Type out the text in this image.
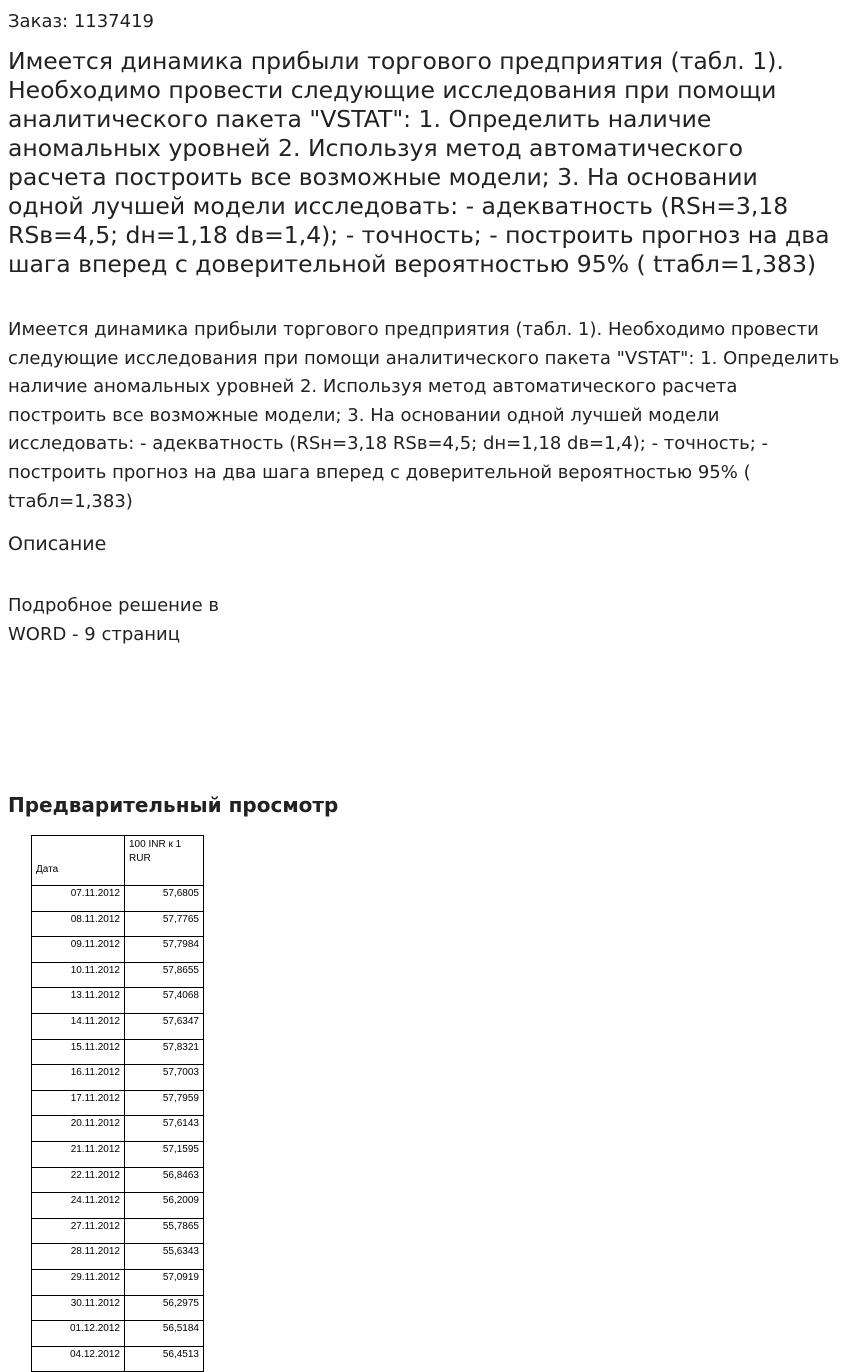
Заказ: 1137419
Имеется динамика прибыли торгового предприятия (табл. 1). Необходимо провести следующие исследования при помощи аналитического пакета "VSTAT": 1. Определить наличие аномальных уровней 2. Используя метод автоматического расчета построить все возможные модели; 3. На основании одной лучшей модели исследовать: - адекватность (RSн=3,18 RSв=4,5; dн=1,18 dв=1,4); - точность; - построить прогноз на два шага вперед с доверительной вероятностью 95% ( tтабл=1,383)

Имеется динамика прибыли торгового предприятия (табл. 1). Необходимо провести следующие исследования при помощи аналитического пакета "VSTAT": 1. Определить наличие аномальных уровней 2. Используя метод автоматического расчета построить все возможные модели; 3. На основании одной лучшей модели исследовать: - адекватность (RSн=3,18 RSв=4,5; dн=1,18 dв=1,4); - точность; - построить прогноз на два шага вперед с доверительной вероятностью 95% ( tтабл=1,383)

Описание
Подробное решение в WORD - 9 страниц
Предварительный просмотр
Дата	100 INR к 1 RUR
07.11.2012	57,6805
08.11.2012	57,7765
09.11.2012	57,7984
10.11.2012	57,8655
13.11.2012	57,4068
14.11.2012	57,6347
15.11.2012	57,8321
16.11.2012	57,7003
17.11.2012	57,7959
20.11.2012	57,6143
21.11.2012	57,1595
22.11.2012	56,8463
24.11.2012	56,2009
27.11.2012	55,7865
28.11.2012	55,6343
29.11.2012	57,0919
30.11.2012	56,2975
01.12.2012	56,5184
04.12.2012	56,4513
